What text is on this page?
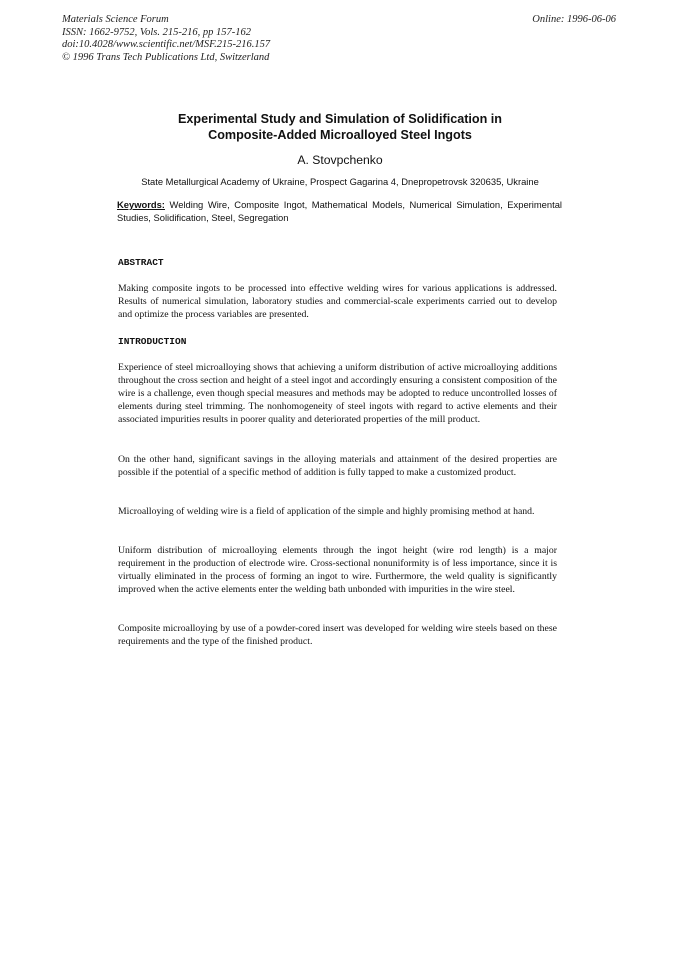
Materials Science Forum
ISSN: 1662-9752, Vols. 215-216, pp 157-162
doi:10.4028/www.scientific.net/MSF.215-216.157
© 1996 Trans Tech Publications Ltd, Switzerland
Online: 1996-06-06
Experimental Study and Simulation of Solidification in
Composite-Added Microalloyed Steel Ingots
A. Stovpchenko
State Metallurgical Academy of Ukraine, Prospect Gagarina 4, Dnepropetrovsk 320635, Ukraine
Keywords: Welding Wire, Composite Ingot, Mathematical Models, Numerical Simulation, Experimental Studies, Solidification, Steel, Segregation
ABSTRACT
Making composite ingots to be processed into effective welding wires for various applications is addressed. Results of numerical simulation, laboratory studies and commercial-scale experiments carried out to develop and optimize the process variables are presented.
INTRODUCTION
Experience of steel microalloying shows that achieving a uniform distribution of active microalloying additions throughout the cross section and height of a steel ingot and accordingly ensuring a consistent composition of the wire is a challenge, even though special measures and methods may be adopted to reduce uncontrolled losses of elements during steel trimming. The nonhomogeneity of steel ingots with regard to active elements and their associated impurities results in poorer quality and deteriorated properties of the mill product.
On the other hand, significant savings in the alloying materials and attainment of the desired properties are possible if the potential of a specific method of addition is fully tapped to make a customized product.
Microalloying of welding wire is a field of application of the simple and highly promising method at hand.
Uniform distribution of microalloying elements through the ingot height (wire rod length) is a major requirement in the production of electrode wire. Cross-sectional nonuniformity is of less importance, since it is virtually eliminated in the process of forming an ingot to wire. Furthermore, the weld quality is significantly improved when the active elements enter the welding bath unbonded with impurities in the wire steel.
Composite microalloying by use of a powder-cored insert was developed for welding wire steels based on these requirements and the type of the finished product.
